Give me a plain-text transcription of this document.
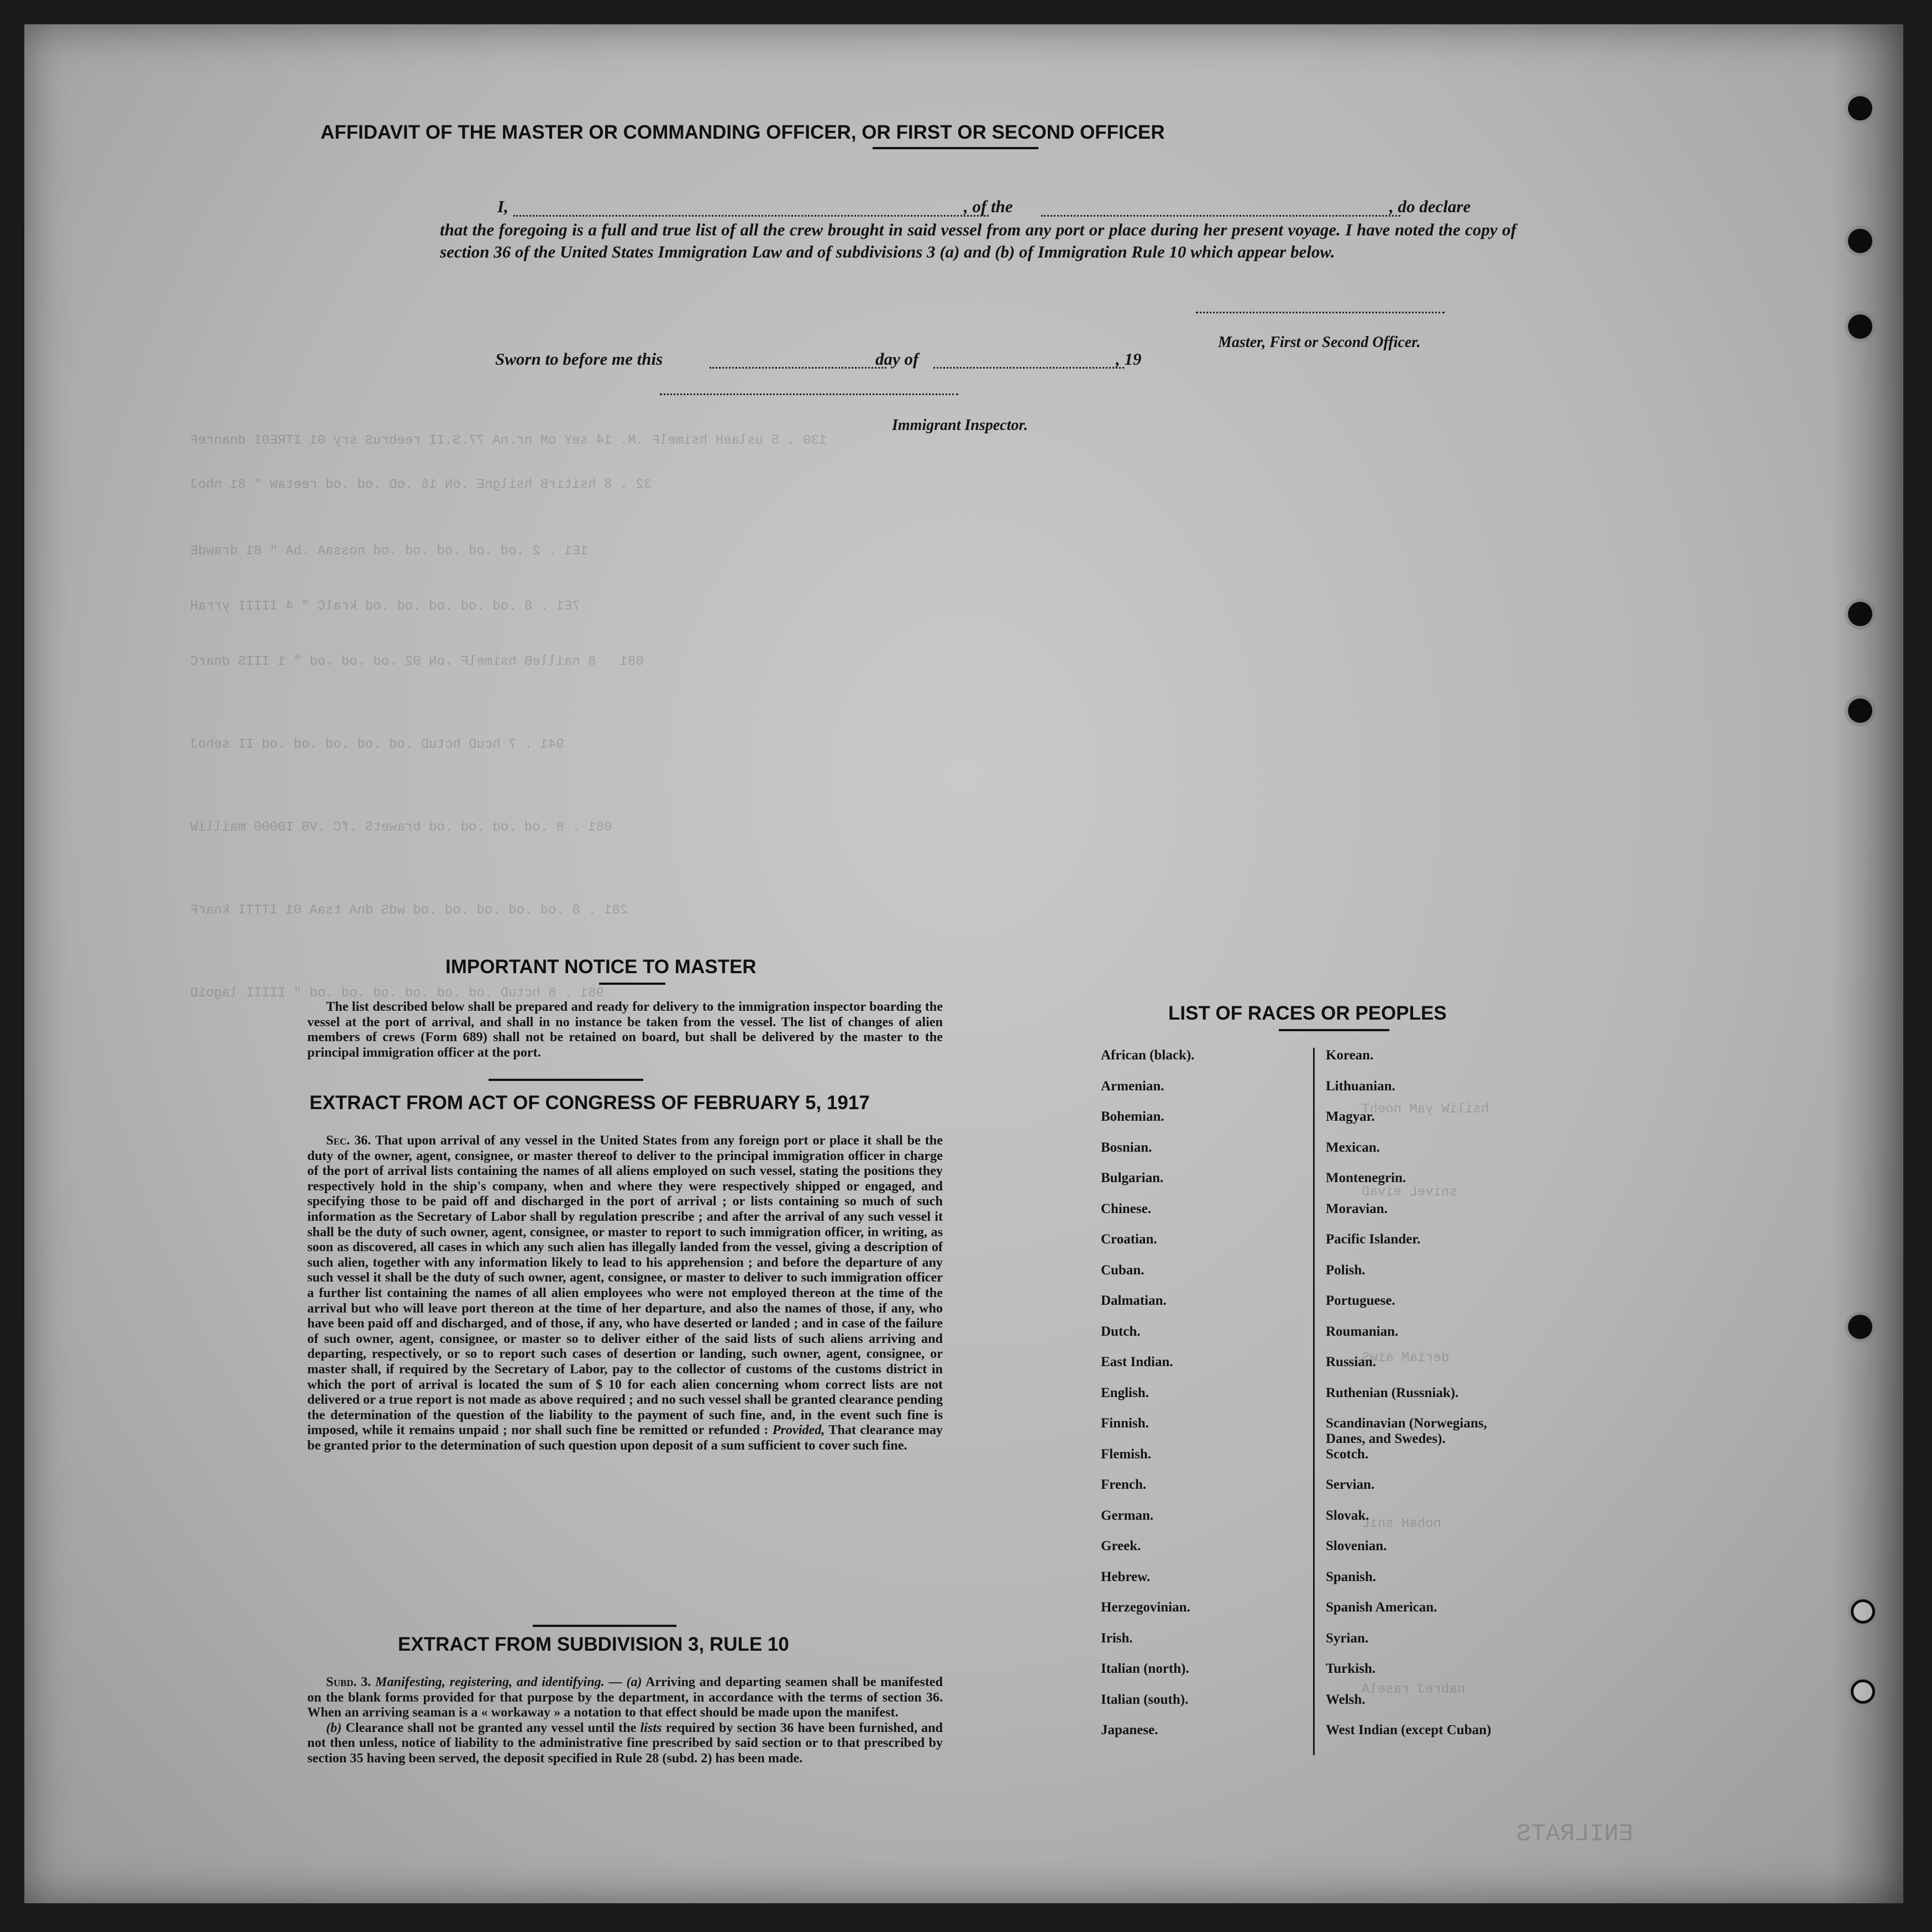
130 . 5 uslaeH hsimelF .M. 14 seY oM nr.nA 77.S.II reebruS sry 01 ITRE0I dnanreF
32 . 8 hsitirB hsilgnE .oN 16 .oD .od .od reetaW " 81 nhoJ
1E1 . 2 .od .od .od .od .od nossaA .bA " 81 drawdE
7E1 . 8 .od .od .od .od .od kralC " 4 IIIII yrraH
081 . 8 nailleB hsimelF .oN 02 .od .od .od " 1 IIIS dnarC
941 . 7 hcuD hctuD .od .od .od .od .od II sehoJ
081 . 8 .od .od .od .od brawetS .fC .V8 I0000 mailliW
281 . 8 .od .od .od .od .od wdS dnA tsaA 01 ITTTI knarF
981 . 8 hctuD .od .od .od .od .od .od " IIIII lagoiD
hsiliW yaM noehT
sniveL eivaD
deriaM aiwS
nohaH sniL
nabreJ raselA
ENILRATS
AFFIDAVIT OF THE MASTER OR COMMANDING OFFICER, OR FIRST OR SECOND OFFICER
I,	, of the	, do declare
that the foregoing is a full and true list of all the crew brought in said vessel from any port or place during her present voyage. I have noted the copy of section 36 of the United States Immigration Law and of subdivisions 3 (a) and (b) of Immigration Rule 10 which appear below.
Master, First or Second Officer.
Sworn to before me this	day of	, 19
Immigrant Inspector.
IMPORTANT NOTICE TO MASTER

The list described below shall be prepared and ready for delivery to the immigration inspector boarding the vessel at the port of arrival, and shall in no instance be taken from the vessel. The list of changes of alien members of crews (Form 689) shall not be retained on board, but shall be delivered by the master to the principal immigration officer at the port.

EXTRACT FROM ACT OF CONGRESS OF FEBRUARY 5, 1917

Sec. 36. That upon arrival of any vessel in the United States from any foreign port or place it shall be the duty of the owner, agent, consignee, or master thereof to deliver to the principal immigration officer in charge of the port of arrival lists containing the names of all aliens employed on such vessel, stating the positions they respectively hold in the ship's company, when and where they were respectively shipped or engaged, and specifying those to be paid off and discharged in the port of arrival ; or lists containing so much of such information as the Secretary of Labor shall by regulation prescribe ; and after the arrival of any such vessel it shall be the duty of such owner, agent, consignee, or master to report to such immigration officer, in writing, as soon as discovered, all cases in which any such alien has illegally landed from the vessel, giving a description of such alien, together with any information likely to lead to his apprehension ; and before the departure of any such vessel it shall be the duty of such owner, agent, consignee, or master to deliver to such immigration officer a further list containing the names of all alien employees who were not employed thereon at the time of the arrival but who will leave port thereon at the time of her departure, and also the names of those, if any, who have been paid off and discharged, and of those, if any, who have deserted or landed ; and in case of the failure of such owner, agent, consignee, or master so to deliver either of the said lists of such aliens arriving and departing, respectively, or so to report such cases of desertion or landing, such owner, agent, consignee, or master shall, if required by the Secretary of Labor, pay to the collector of customs of the customs district in which the port of arrival is located the sum of $ 10 for each alien concerning whom correct lists are not delivered or a true report is not made as above required ; and no such vessel shall be granted clearance pending the determination of the question of the liability to the payment of such fine, and, in the event such fine is imposed, while it remains unpaid ; nor shall such fine be remitted or refunded : Provided, That clearance may be granted prior to the determination of such question upon deposit of a sum sufficient to cover such fine.

EXTRACT FROM SUBDIVISION 3, RULE 10

Subd. 3. Manifesting, registering, and identifying. — (a) Arriving and departing seamen shall be manifested on the blank forms provided for that purpose by the department, in accordance with the terms of section 36. When an arriving seaman is a « workaway » a notation to that effect should be made upon the manifest.

(b) Clearance shall not be granted any vessel until the lists required by section 36 have been furnished, and not then unless, notice of liability to the administrative fine prescribed by said section or to that prescribed by section 35 having been served, the deposit specified in Rule 28 (subd. 2) has been made.

LIST OF RACES OR PEOPLES
African (black).
Armenian.
Bohemian.
Bosnian.
Bulgarian.
Chinese.
Croatian.
Cuban.
Dalmatian.
Dutch.
East Indian.
English.
Finnish.
Flemish.
French.
German.
Greek.
Hebrew.
Herzegovinian.
Irish.
Italian (north).
Italian (south).
Japanese.
Korean.
Lithuanian.
Magyar.
Mexican.
Montenegrin.
Moravian.
Pacific Islander.
Polish.
Portuguese.
Roumanian.
Russian.
Ruthenian (Russniak).
Scandinavian (Norwegians, Danes, and Swedes).
Scotch.
Servian.
Slovak.
Slovenian.
Spanish.
Spanish American.
Syrian.
Turkish.
Welsh.
West Indian (except Cuban)
